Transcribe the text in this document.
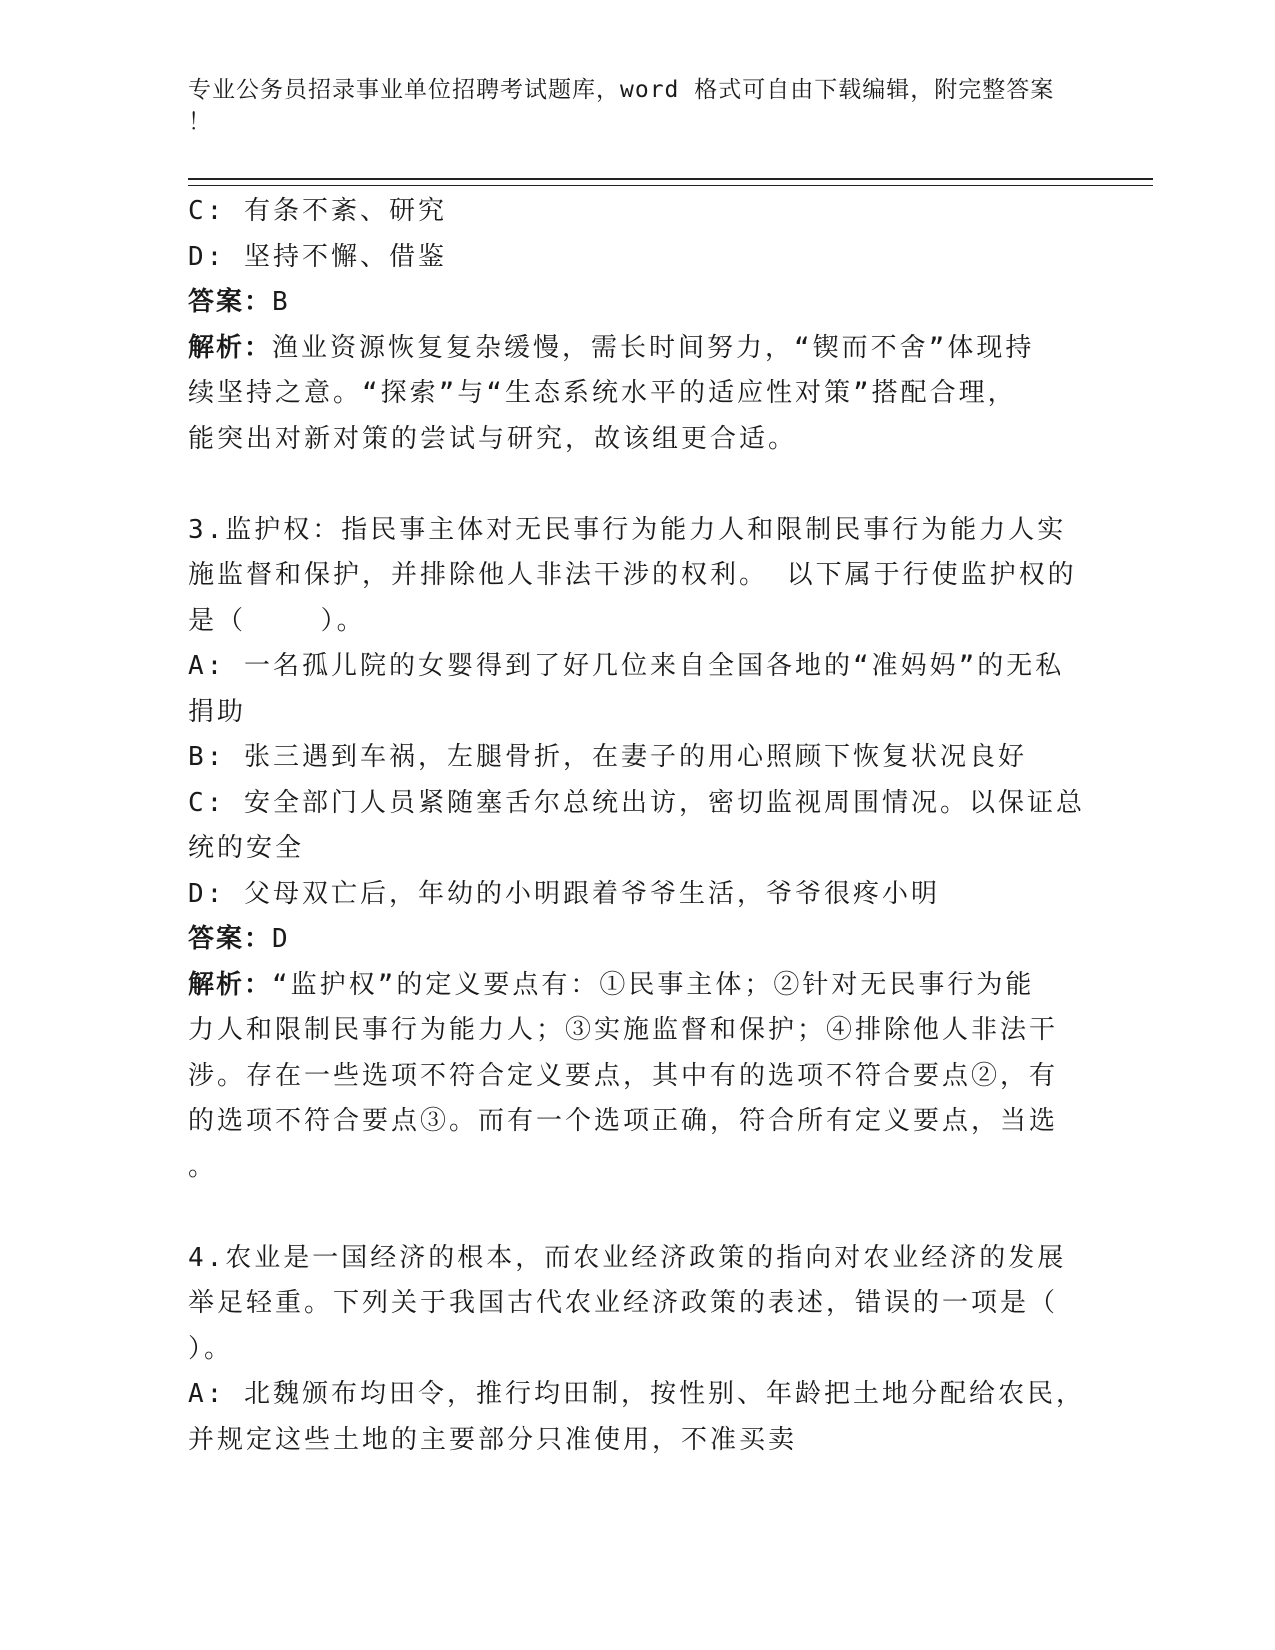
专业公务员招录事业单位招聘考试题库，word 格式可自由下载编辑，附完整答案
！
C: 有条不紊、研究
D: 坚持不懈、借鉴
答案：B
解析：渔业资源恢复复杂缓慢，需长时间努力，“锲而不舍”体现持
续坚持之意。“探索”与“生态系统水平的适应性对策”搭配合理，
能突出对新对策的尝试与研究，故该组更合适。
3.监护权：指民事主体对无民事行为能力人和限制民事行为能力人实
施监督和保护，并排除他人非法干涉的权利。 以下属于行使监护权的
是（    ）。
A: 一名孤儿院的女婴得到了好几位来自全国各地的“准妈妈”的无私
捐助
B: 张三遇到车祸，左腿骨折，在妻子的用心照顾下恢复状况良好
C: 安全部门人员紧随塞舌尔总统出访，密切监视周围情况。以保证总
统的安全
D: 父母双亡后，年幼的小明跟着爷爷生活，爷爷很疼小明
答案：D
解析：“监护权”的定义要点有：①民事主体；②针对无民事行为能
力人和限制民事行为能力人；③实施监督和保护；④排除他人非法干
涉。存在一些选项不符合定义要点，其中有的选项不符合要点②，有
的选项不符合要点③。而有一个选项正确，符合所有定义要点，当选
。
4.农业是一国经济的根本，而农业经济政策的指向对农业经济的发展
举足轻重。下列关于我国古代农业经济政策的表述，错误的一项是（
）。
A: 北魏颁布均田令，推行均田制，按性别、年龄把土地分配给农民，
并规定这些土地的主要部分只准使用，不准买卖
